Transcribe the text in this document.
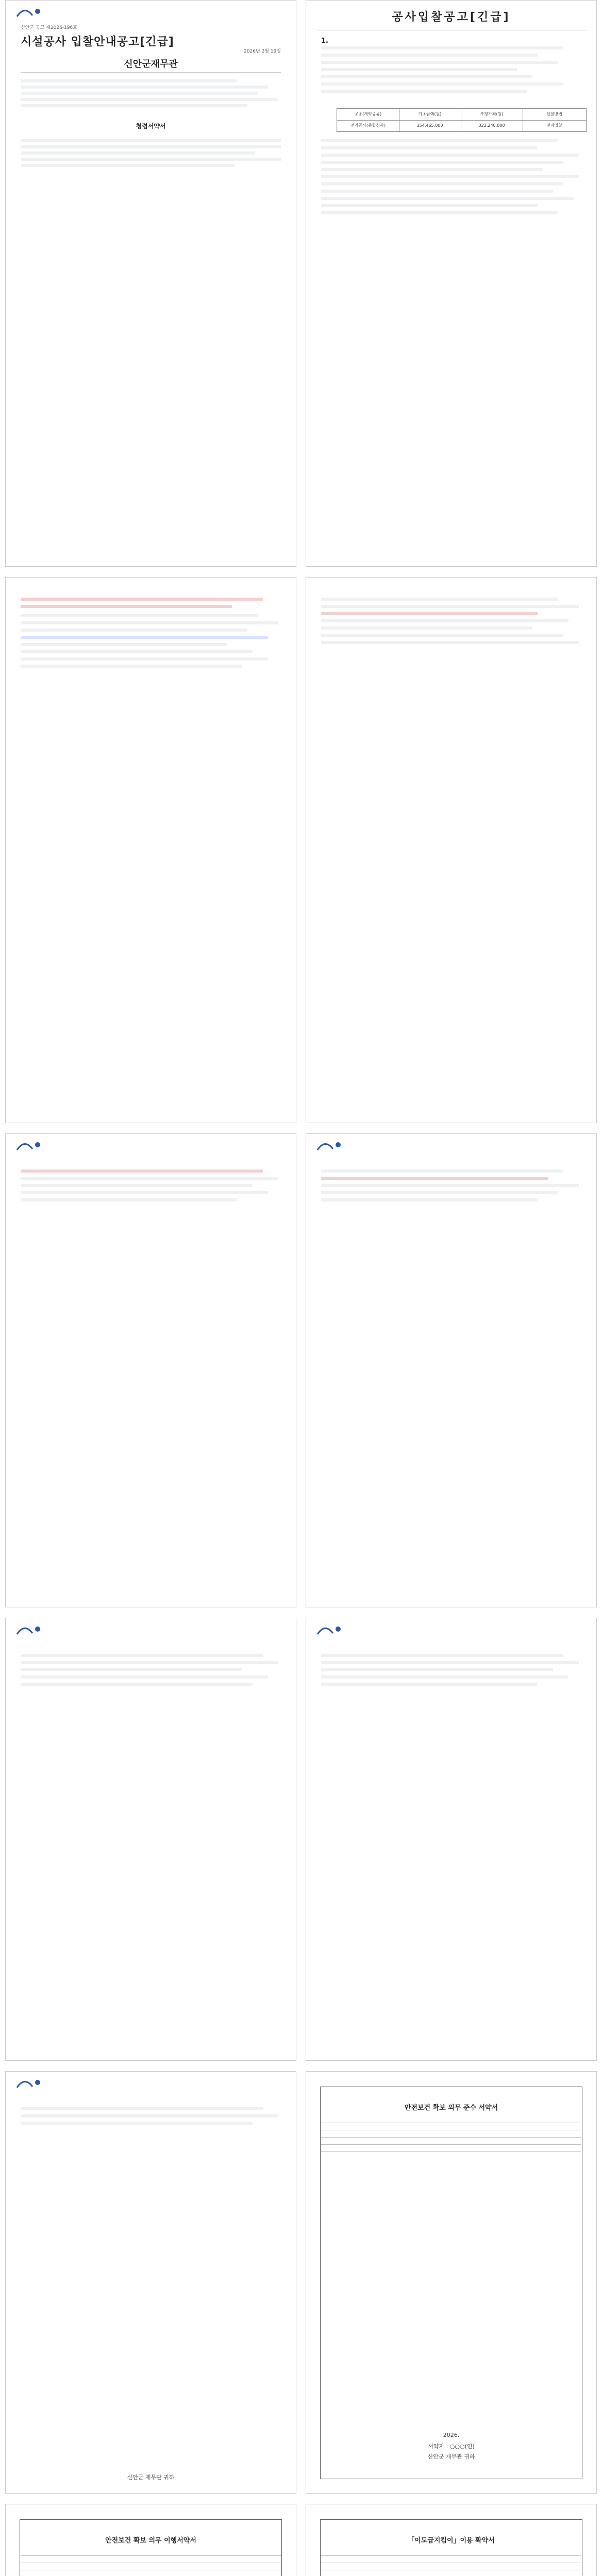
신안군 공고 제2026-196호
시설공사 입찰안내공고[긴급]
2026년 2월 19일
신안군재무관
청렴서약서
공사입찰공고[긴급]
1.
공종(계약종류)	기초금액(원)	추정가격(원)	입찰방법
전기공사(종합심사)	354,465,000	322,240,000	전자입찰
신안군 재무관 귀하
안전보건 확보 의무 준수 서약서
2026.
서약자 : ○○○(인)
신안군 재무관 귀하
안전보건 확보 의무 이행서약서	「이도급지킴이」이용 확약서
